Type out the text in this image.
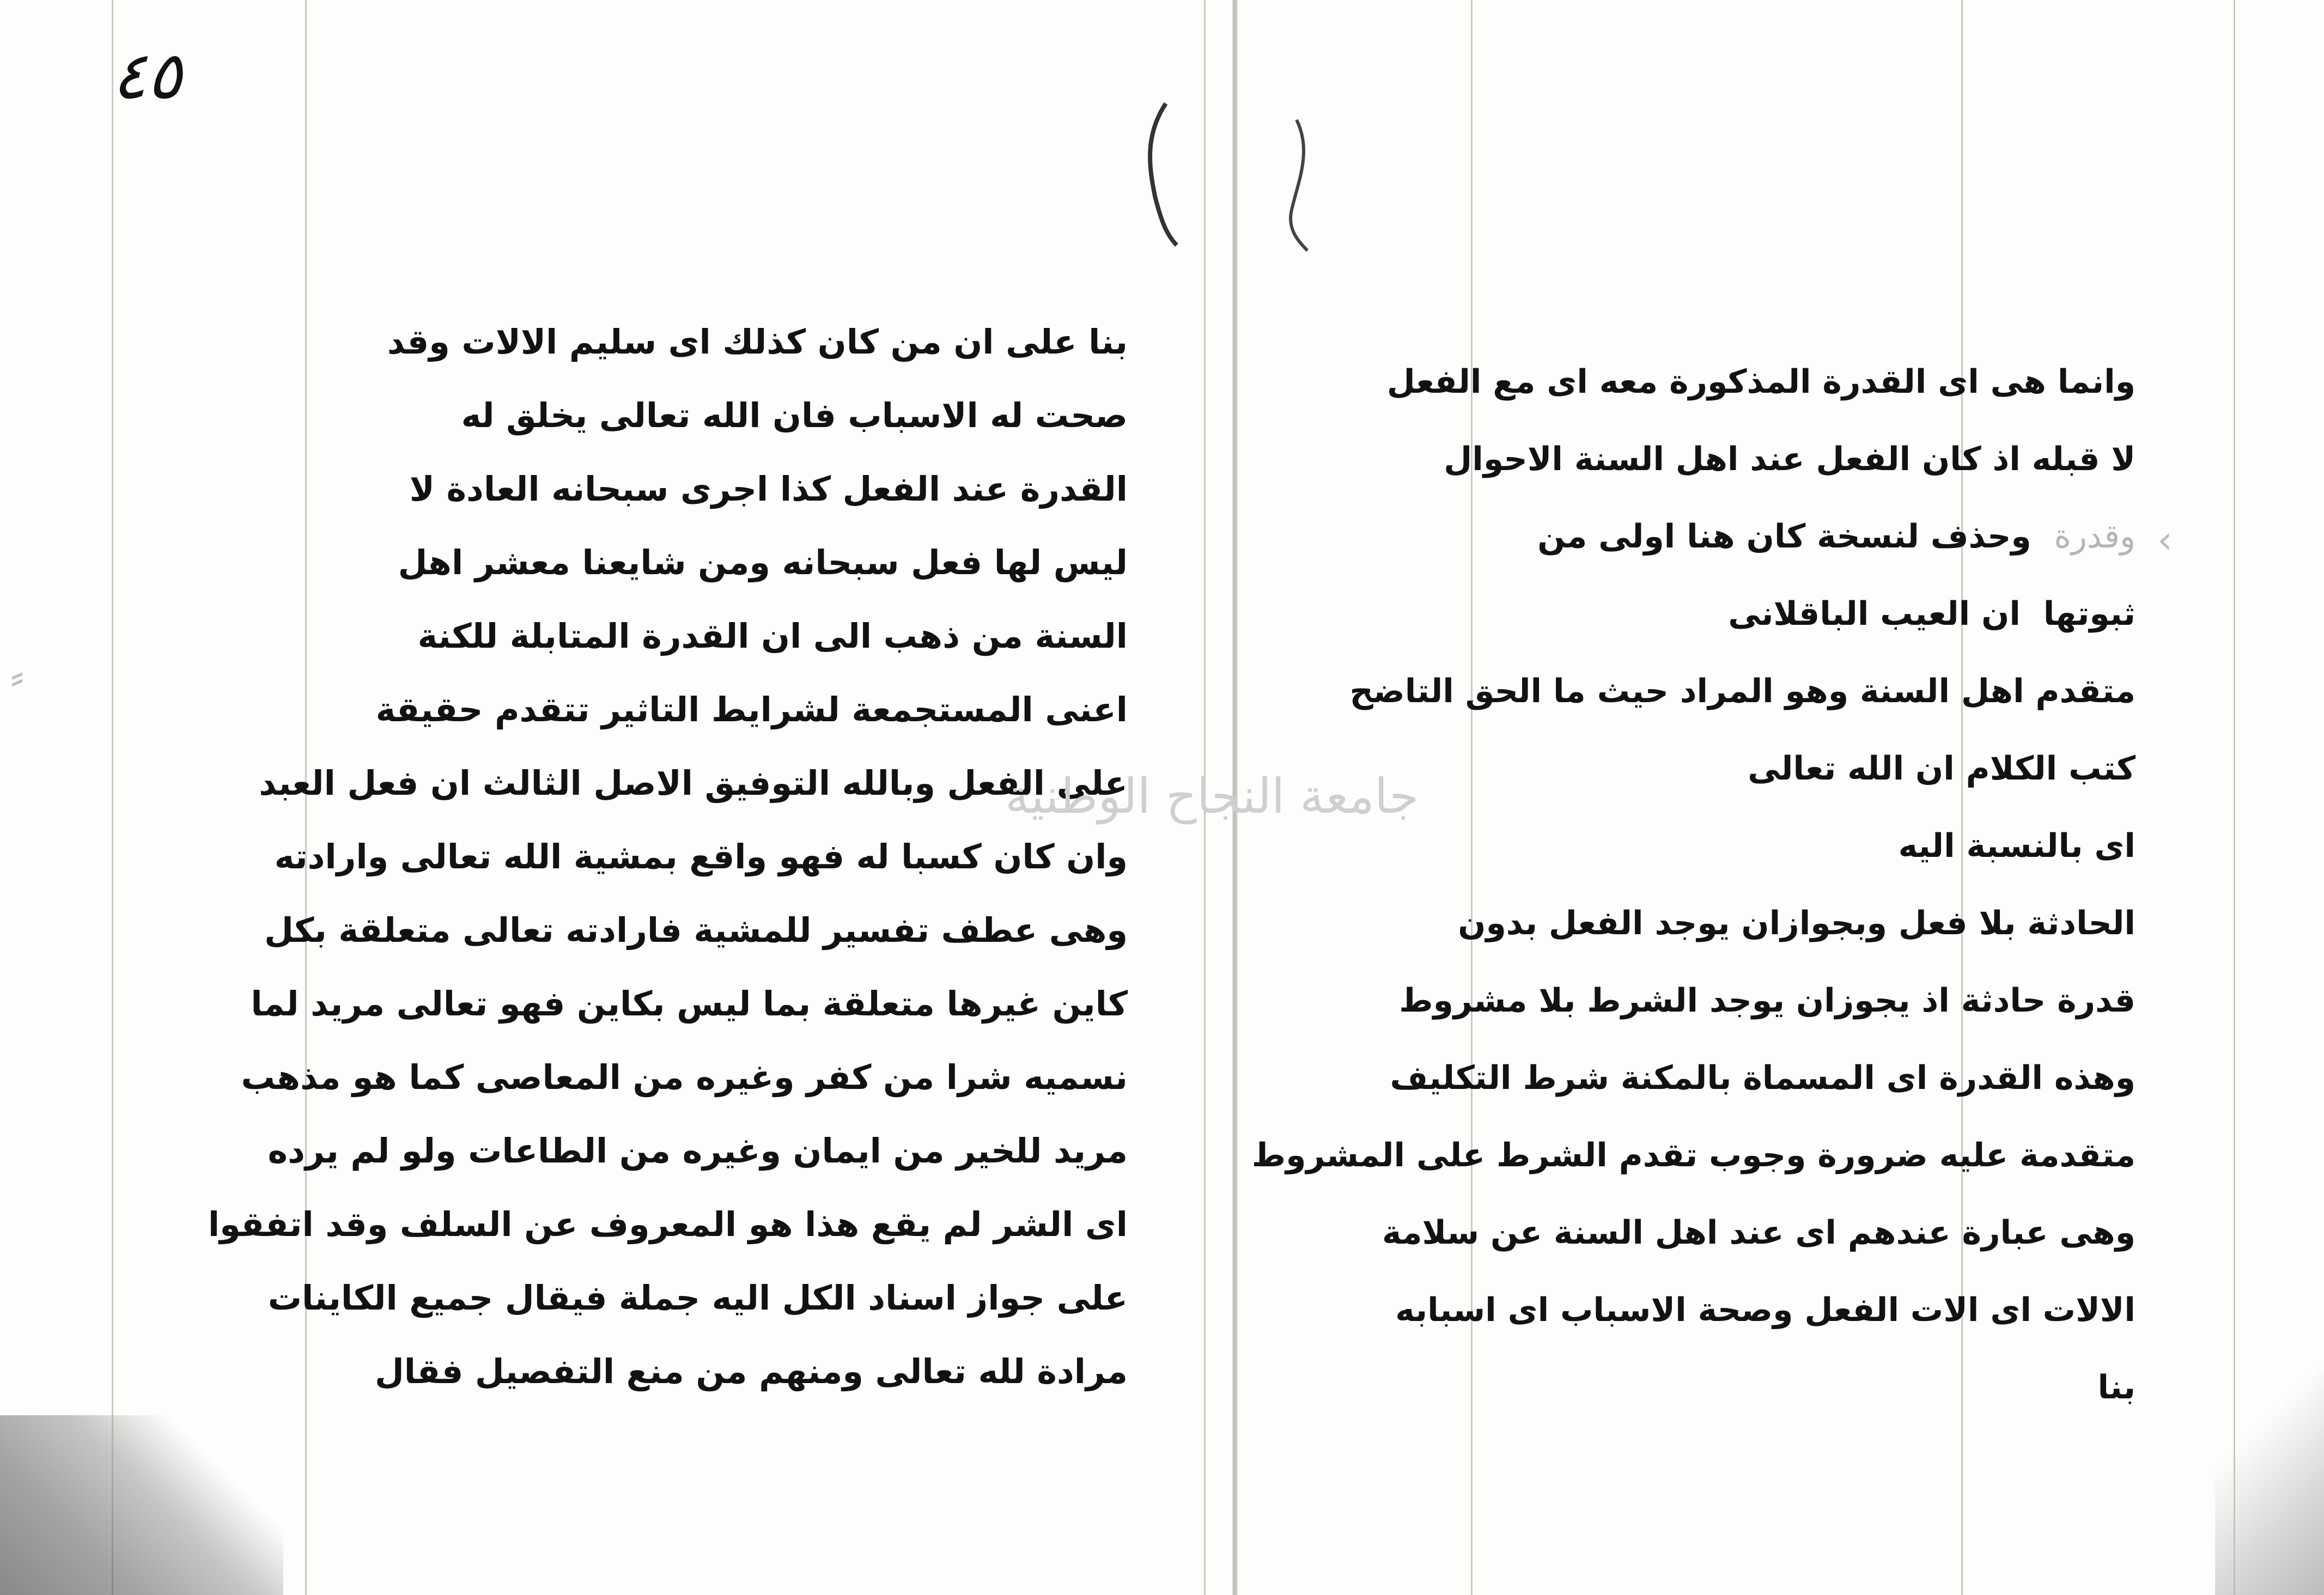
٤٥
بنا على ان من كان كذلك اى سليم الالات وقد
صحت له الاسباب فان الله تعالى يخلق له
القدرة عند الفعل كذا اجرى سبحانه العادة لا
ليس لها فعل سبحانه ومن شايعنا معشر اهل
السنة من ذهب الى ان القدرة المتابلة للكنة
اعنى المستجمعة لشرايط التاثير تتقدم حقيقة
على الفعل وبالله التوفيق الاصل الثالث ان فعل العبد
وان كان كسبا له فهو واقع بمشية الله تعالى وارادته
وهى عطف تفسير للمشية فارادته تعالى متعلقة بكل
كاين غيرها متعلقة بما ليس بكاين فهو تعالى مريد لما
نسميه شرا من كفر وغيره من المعاصى كما هو مذهب
مريد للخير من ايمان وغيره من الطاعات ولو لم يرده
اى الشر لم يقع هذا هو المعروف عن السلف وقد اتفقوا
على جواز اسناد الكل اليه جملة فيقال جميع الكاينات
مرادة لله تعالى ومنهم من منع التفصيل فقال
وانما هى اى القدرة المذكورة معه اى مع الفعل
لا قبله اذ كان الفعل عند اهل السنة الاحوال
وقدرة  وحذف لنسخة كان هنا اولى من
ثبوتها  ان العيب الباقلانى
متقدم اهل السنة وهو المراد حيث ما الحق التاضح
كتب الكلام ان الله تعالى
اى بالنسبة اليه
الحادثة بلا فعل وبجوازان يوجد الفعل بدون
قدرة حادثة اذ يجوزان يوجد الشرط بلا مشروط
وهذه القدرة اى المسماة بالمكنة شرط التكليف
متقدمة عليه ضرورة وجوب تقدم الشرط على المشروط
وهى عبارة عندهم اى عند اهل السنة عن سلامة
الالات اى الات الفعل وصحة الاسباب اى اسبابه
بنا
جامعة النجاح الوطنية
‹
⸗
